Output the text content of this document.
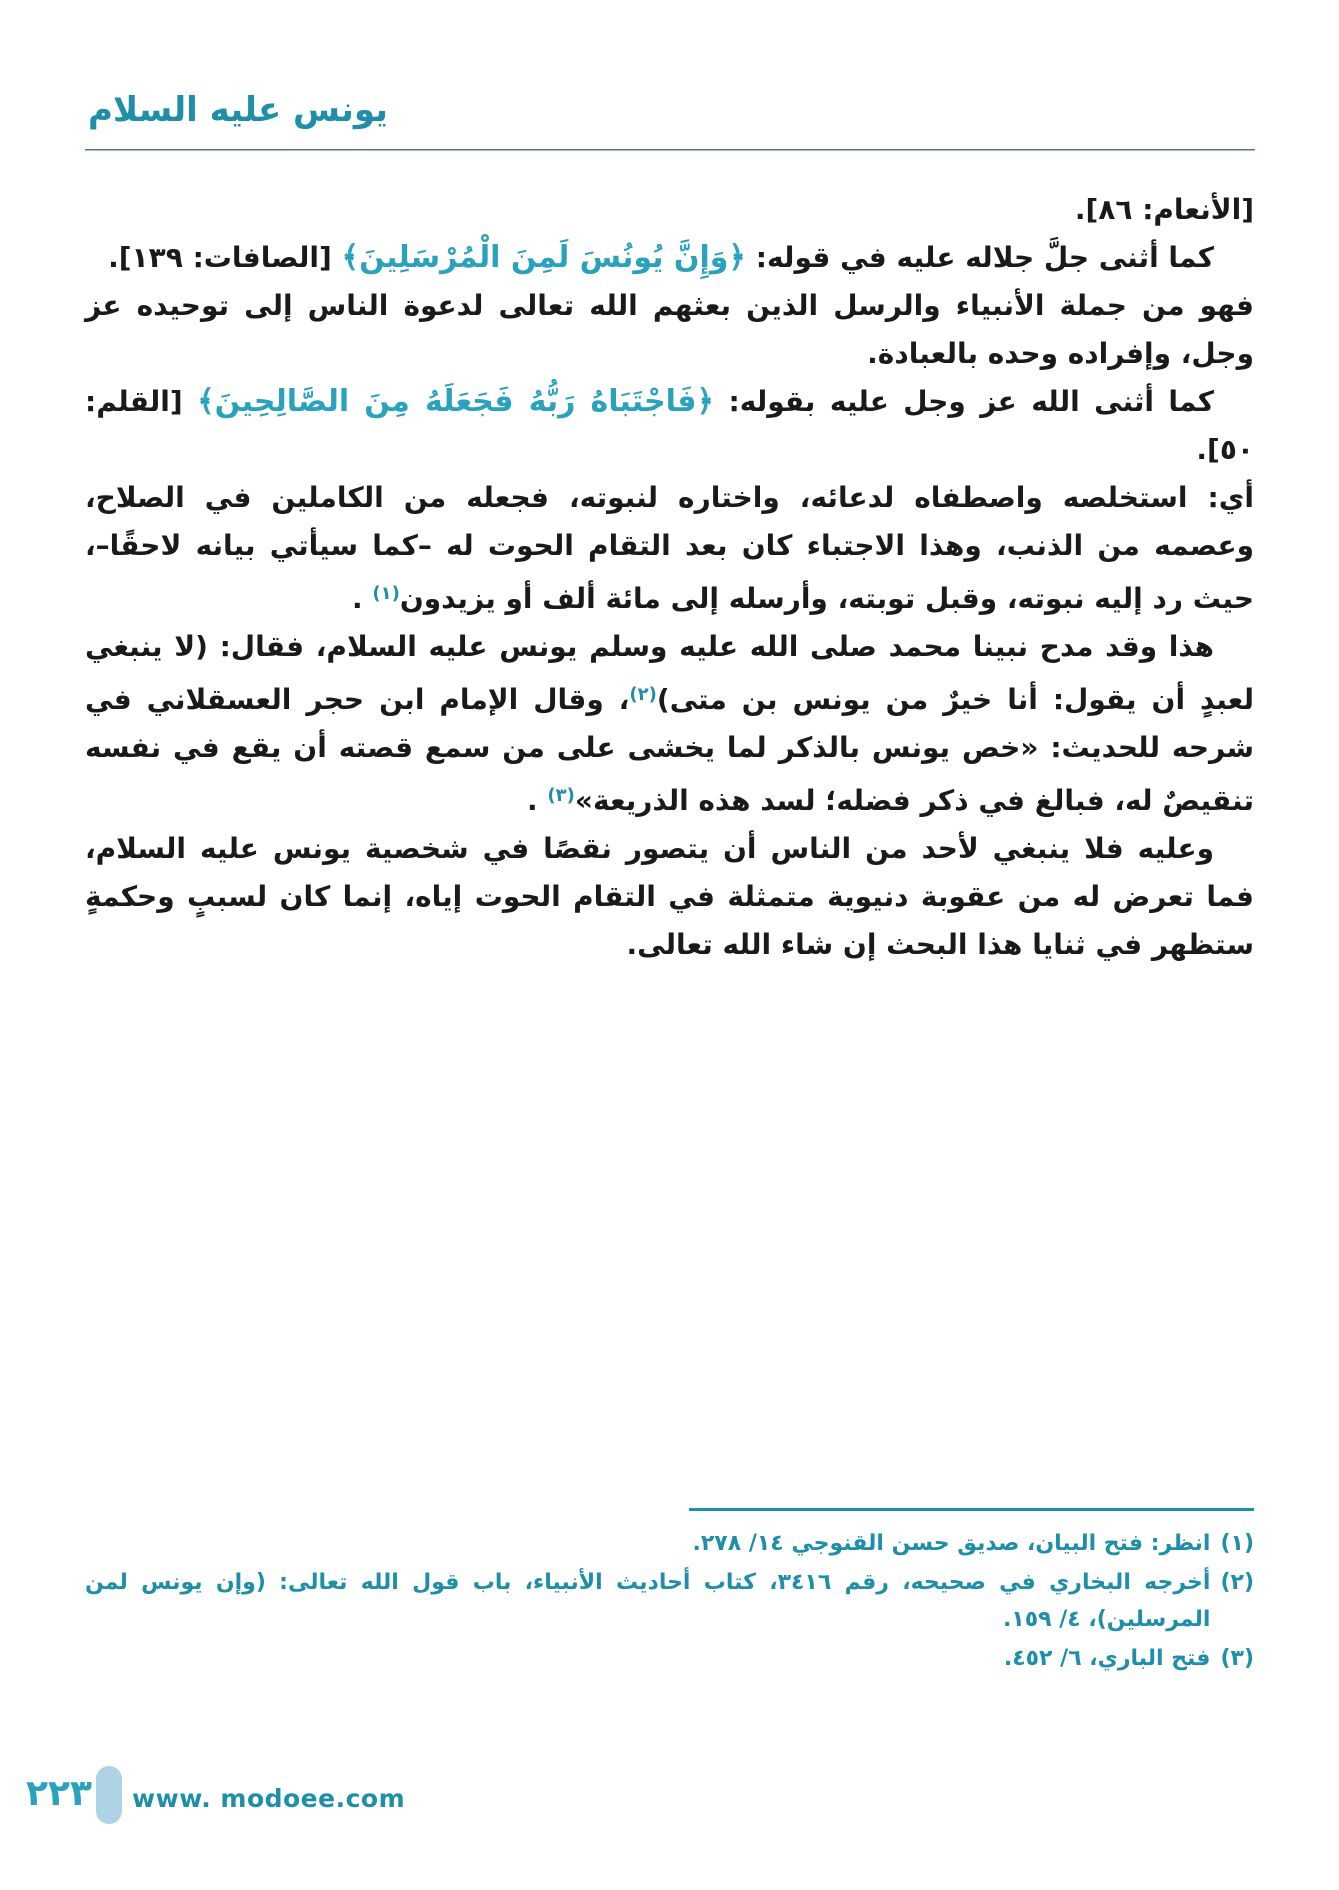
يونس عليه السلام

[الأنعام: ٨٦].

كما أثنى جلَّ جلاله عليه في قوله: ﴿وَإِنَّ يُونُسَ لَمِنَ الْمُرْسَلِينَ﴾ [الصافات: ١٣٩].

فهو من جملة الأنبياء والرسل الذين بعثهم الله تعالى لدعوة الناس إلى توحيده عز وجل، وإفراده وحده بالعبادة.

كما أثنى الله عز وجل عليه بقوله: ﴿فَاجْتَبَاهُ رَبُّهُ فَجَعَلَهُ مِنَ الصَّالِحِينَ﴾ [القلم: ٥٠].

أي: استخلصه واصطفاه لدعائه، واختاره لنبوته، فجعله من الكاملين في الصلاح، وعصمه من الذنب، وهذا الاجتباء كان بعد التقام الحوت له –كما سيأتي بيانه لاحقًا–، حيث رد إليه نبوته، وقبل توبته، وأرسله إلى مائة ألف أو يزيدون$^{(١)}$ .

هذا وقد مدح نبينا محمد صلى الله عليه وسلم يونس عليه السلام، فقال: (لا ينبغي لعبدٍ أن يقول: أنا خيرٌ من يونس بن متى)$^{(٢)}$، وقال الإمام ابن حجر العسقلاني في شرحه للحديث: «خص يونس بالذكر لما يخشى على من سمع قصته أن يقع في نفسه تنقيصٌ له، فبالغ في ذكر فضله؛ لسد هذه الذريعة»$^{(٣)}$ .

وعليه فلا ينبغي لأحد من الناس أن يتصور نقصًا في شخصية يونس عليه السلام، فما تعرض له من عقوبة دنيوية متمثلة في التقام الحوت إياه، إنما كان لسببٍ وحكمةٍ ستظهر في ثنايا هذا البحث إن شاء الله تعالى.

(١)
انظر: فتح البيان، صديق حسن القنوجي ١٤/ ٢٧٨.
(٢)
أخرجه البخاري في صحيحه، رقم ٣٤١٦، كتاب أحاديث الأنبياء، باب قول الله تعالى: (وإن يونس لمن المرسلين)، ٤/ ١٥٩.
(٣)
فتح الباري، ٦/ ٤٥٢.
٢٢٣ www. modoee.com
